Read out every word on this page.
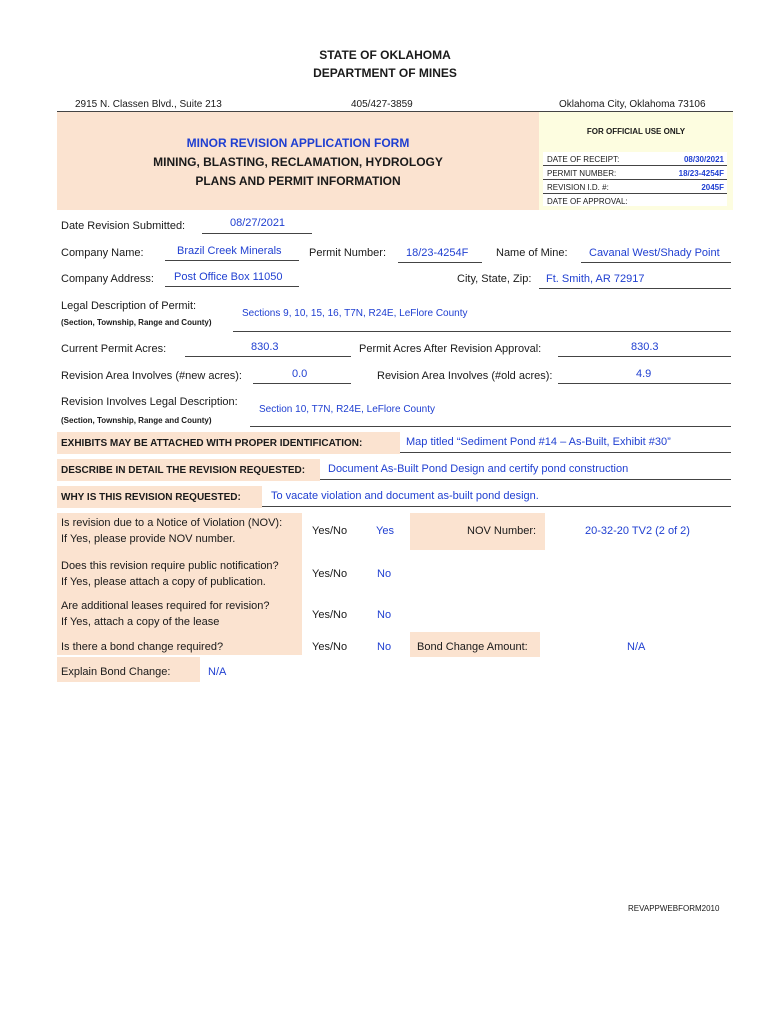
STATE OF OKLAHOMA
DEPARTMENT OF MINES
2915 N. Classen Blvd., Suite 213	405/427-3859	Oklahoma City, Oklahoma 73106
MINOR REVISION APPLICATION FORM
MINING, BLASTING, RECLAMATION, HYDROLOGY
PLANS AND PERMIT INFORMATION
FOR OFFICIAL USE ONLY
DATE OF RECEIPT:	08/30/2021
PERMIT NUMBER:	18/23-4254F
REVISION I.D. #:	2045F
DATE OF APPROVAL:
Date Revision Submitted:	08/27/2021
Company Name:	Brazil Creek Minerals Permit Number: 18/23-4254F	Name of Mine: Cavanal West/Shady Point
Company Address: Post Office Box 11050	City, State, Zip: Ft. Smith, AR 72917
Legal Description of Permit:
(Section, Township, Range and County)
Sections 9, 10, 15, 16, T7N, R24E, LeFlore County
Current Permit Acres:	830.3	Permit Acres After Revision Approval:	830.3
Revision Area Involves (#new acres):	0.0	Revision Area Involves (#old acres):	4.9
Revision Involves Legal Description:
(Section, Township, Range and County)
Section 10, T7N, R24E, LeFlore County
EXHIBITS MAY BE ATTACHED WITH PROPER IDENTIFICATION:	Map titled “Sediment Pond #14 – As-Built, Exhibit #30”
DESCRIBE IN DETAIL THE REVISION REQUESTED: Document As-Built Pond Design and certify pond construction
WHY IS THIS REVISION REQUESTED:	To vacate violation and document as-built pond design.
Is revision due to a Notice of Violation (NOV):
If Yes, please provide NOV number.
Yes/No	Yes	NOV Number:	20-32-20 TV2 (2 of 2)
Does this revision require public notification?
If Yes, please attach a copy of publication.
Yes/No	No
Are additional leases required for revision?
If Yes, attach a copy of the lease
Yes/No	No
Is there a bond change required?	Yes/No	No Bond Change Amount:	N/A
Explain Bond Change:	N/A
REVAPPWEBFORM2010
